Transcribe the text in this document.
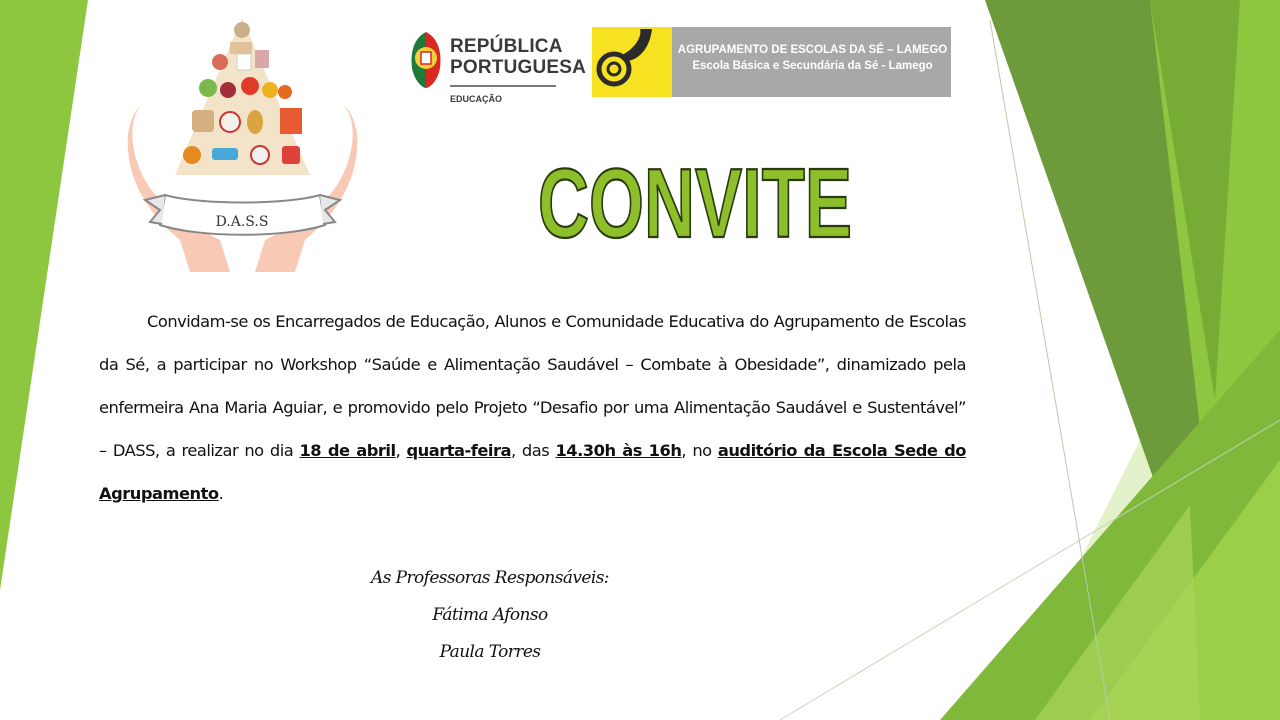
D.A.S.S
REPÚBLICA
PORTUGUESA
EDUCAÇÃO
AGRUPAMENTO DE ESCOLAS DA SÉ – LAMEGO
Escola Básica e Secundária da Sé - Lamego
CONVITE
Convidam-se os Encarregados de Educação, Alunos e Comunidade Educativa do Agrupamento de Escolas da Sé, a participar no Workshop “Saúde e Alimentação Saudável – Combate à Obesidade”, dinamizado pela enfermeira Ana Maria Aguiar, e promovido pelo Projeto “Desafio por uma Alimentação Saudável e Sustentável” – DASS, a realizar no dia 18 de abril, quarta-feira, das 14.30h às 16h, no auditório da Escola Sede do Agrupamento.
As Professoras Responsáveis:
Fátima Afonso
Paula Torres
